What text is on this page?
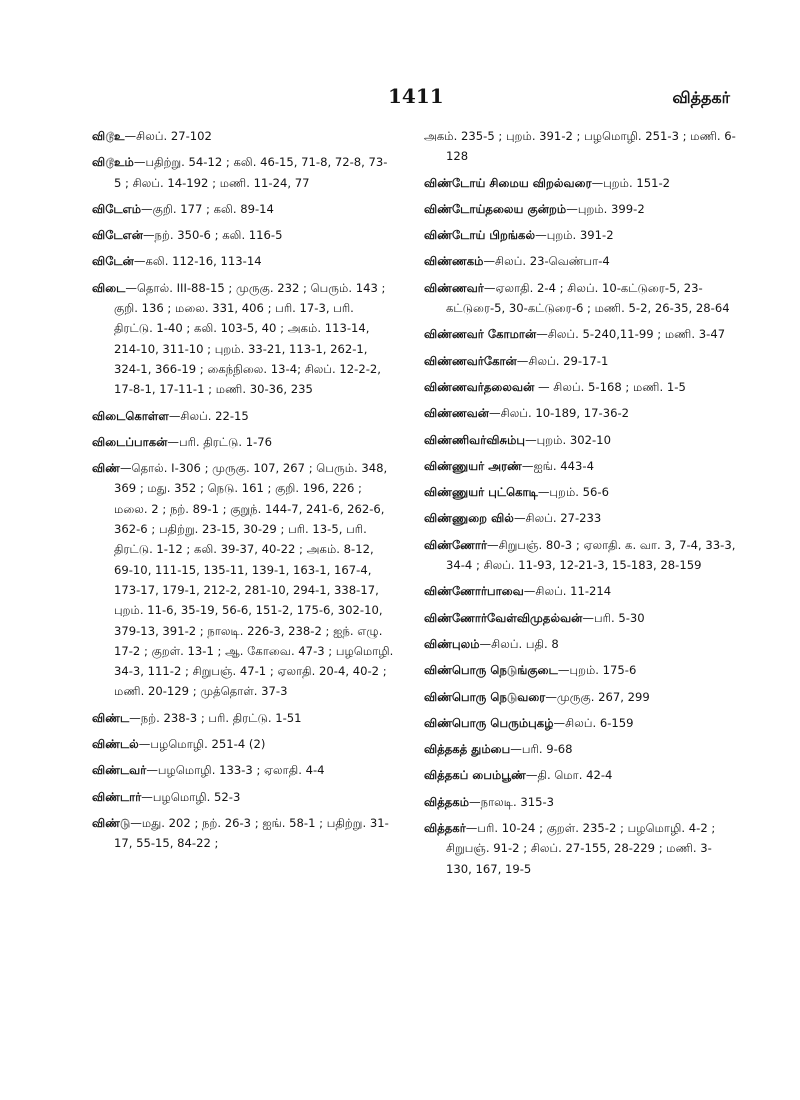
1411	வித்தகர்
விடூஉ—சிலப். 27-102
விடூஉம்—பதிற்று. 54-12 ; கலி. 46-15, 71-8, 72-8, 73-5 ; சிலப். 14-192 ; மணி. 11-24, 77
விடேஎம்—குறி. 177 ; கலி. 89-14
விடேஎன்—நற். 350-6 ; கலி. 116-5
விடேன்—கலி. 112-16, 113-14
விடை—தொல். III-88-15 ; முருகு. 232 ; பெரும். 143 ; குறி. 136 ; மலை. 331, 406 ; பரி. 17-3, பரி. திரட்டு. 1-40 ; கலி. 103-5, 40 ; அகம். 113-14, 214-10, 311-10 ; புறம். 33-21, 113-1, 262-1, 324-1, 366-19 ; கைந்நிலை. 13-4; சிலப். 12-2-2, 17-8-1, 17-11-1 ; மணி. 30-36, 235
விடைகொள்ள—சிலப். 22-15
விடைப்பாகன்—பரி. திரட்டு. 1-76
விண்—தொல். I-306 ; முருகு. 107, 267 ; பெரும். 348, 369 ; மது. 352 ; நெடு. 161 ; குறி. 196, 226 ; மலை. 2 ; நற். 89-1 ; குறுந். 144-7, 241-6, 262-6, 362-6 ; பதிற்று. 23-15, 30-29 ; பரி. 13-5, பரி. திரட்டு. 1-12 ; கலி. 39-37, 40-22 ; அகம். 8-12, 69-10, 111-15, 135-11, 139-1, 163-1, 167-4, 173-17, 179-1, 212-2, 281-10, 294-1, 338-17, புறம். 11-6, 35-19, 56-6, 151-2, 175-6, 302-10, 379-13, 391-2 ; நாலடி. 226-3, 238-2 ; ஐந். எழு. 17-2 ; குறள். 13-1 ; ஆ. கோவை. 47-3 ; பழமொழி. 34-3, 111-2 ; சிறுபஞ். 47-1 ; ஏலாதி. 20-4, 40-2 ; மணி. 20-129 ; முத்தொள். 37-3
விண்ட—நற். 238-3 ; பரி. திரட்டு. 1-51
விண்டல்—பழமொழி. 251-4 (2)
விண்டவர்—பழமொழி. 133-3 ; ஏலாதி. 4-4
விண்டார்—பழமொழி. 52-3
விண்டு—மது. 202 ; நற். 26-3 ; ஐங். 58-1 ; பதிற்று. 31-17, 55-15, 84-22 ;
அகம். 235-5 ; புறம். 391-2 ; பழமொழி. 251-3 ; மணி. 6-128
விண்டோய் சிமைய விறல்வரை—புறம். 151-2
விண்டோய்தலைய குன்றம்—புறம். 399-2
விண்டோய் பிறங்கல்—புறம். 391-2
விண்ணகம்—சிலப். 23-வெண்பா-4
விண்ணவர்—ஏலாதி. 2-4 ; சிலப். 10-கட்டுரை-5, 23-கட்டுரை-5, 30-கட்டுரை-6 ; மணி. 5-2, 26-35, 28-64
விண்ணவர் கோமான்—சிலப். 5-240,11-99 ; மணி. 3-47
விண்ணவர்கோன்—சிலப். 29-17-1
விண்ணவர்தலைவன் — சிலப். 5-168 ; மணி. 1-5
விண்ணவன்—சிலப். 10-189, 17-36-2
விண்ணிவர்விசும்பு—புறம். 302-10
விண்ணுயர் அரண்—ஐங். 443-4
விண்ணுயர் புட்கொடி—புறம். 56-6
விண்ணுறை வில்—சிலப். 27-233
விண்ணோர்—சிறுபஞ். 80-3 ; ஏலாதி. க. வா. 3, 7-4, 33-3, 34-4 ; சிலப். 11-93, 12-21-3, 15-183, 28-159
விண்ணோர்பாவை—சிலப். 11-214
விண்ணோர்வேள்விமுதல்வன்—பரி. 5-30
விண்புலம்—சிலப். பதி. 8
விண்பொரு நெடுங்குடை—புறம். 175-6
விண்பொரு நெடுவரை—முருகு. 267, 299
விண்பொரு பெரும்புகழ்—சிலப். 6-159
வித்தகத் தும்பை—பரி. 9-68
வித்தகப் பைம்பூண்—தி. மொ. 42-4
வித்தகம்—நாலடி. 315-3
வித்தகர்—பரி. 10-24 ; குறள். 235-2 ; பழமொழி. 4-2 ; சிறுபஞ். 91-2 ; சிலப். 27-155, 28-229 ; மணி. 3-130, 167, 19-5
